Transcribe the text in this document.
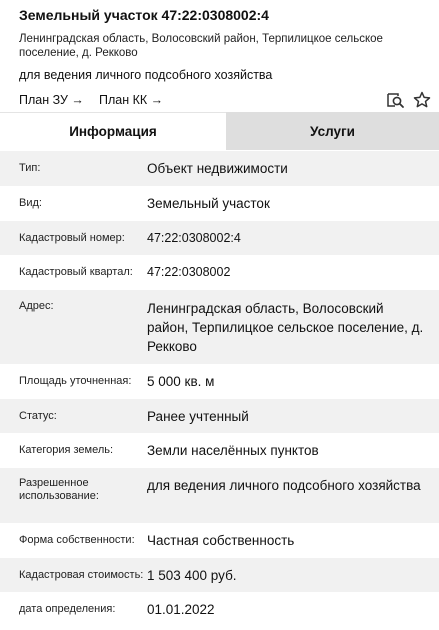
Земельный участок 47:22:0308002:4
Ленинградская область, Волосовский район, Терпилицкое сельское поселение, д. Рекково
для ведения личного подсобного хозяйства
План ЗУ → План КК →
Информация	Услуги
Тип:	Объект недвижимости
Вид:	Земельный участок
Кадастровый номер:	47:22:0308002:4
Кадастровый квартал:	47:22:0308002
Адрес:	Ленинградская область, Волосовский район, Терпилицкое сельское поселение, д. Рекково
Площадь уточненная:	5 000 кв. м
Статус:	Ранее учтенный
Категория земель:	Земли населённых пунктов
Разрешенное использование:
для ведения личного подсобного хозяйства
Форма собственности: Частная собственность
Кадастровая стоимость: 1 503 400 руб.
дата определения:	01.01.2022
